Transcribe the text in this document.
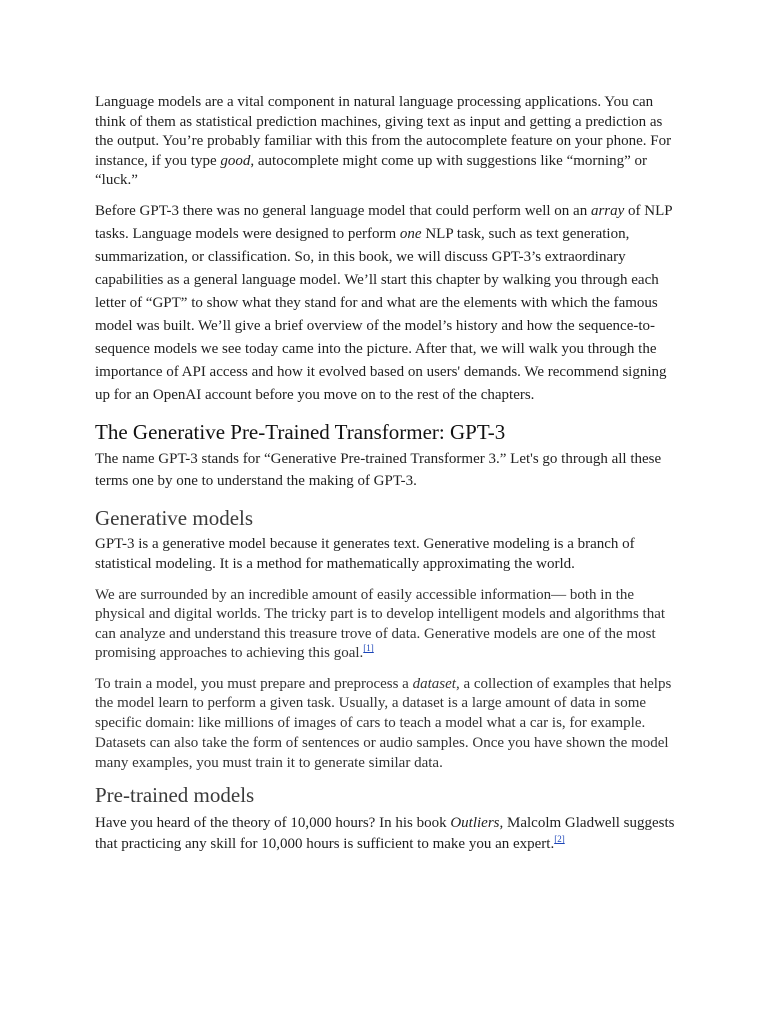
Language models are a vital component in natural language processing applications. You can think of them as statistical prediction machines, giving text as input and getting a prediction as the output. You’re probably familiar with this from the autocomplete feature on your phone. For instance, if you type good, autocomplete might come up with suggestions like “morning” or “luck.”

Before GPT-3 there was no general language model that could perform well on an array of NLP tasks. Language models were designed to perform one NLP task, such as text generation, summarization, or classification. So, in this book, we will discuss GPT-3’s extraordinary capabilities as a general language model. We’ll start this chapter by walking you through each letter of “GPT” to show what they stand for and what are the elements with which the famous model was built. We’ll give a brief overview of the model’s history and how the sequence-to-sequence models we see today came into the picture. After that, we will walk you through the importance of API access and how it evolved based on users' demands. We recommend signing up for an OpenAI account before you move on to the rest of the chapters.

The Generative Pre-Trained Transformer: GPT-3

The name GPT-3 stands for “Generative Pre-trained Transformer 3.” Let's go through all these terms one by one to understand the making of GPT-3.

Generative models

GPT-3 is a generative model because it generates text. Generative modeling is a branch of statistical modeling. It is a method for mathematically approximating the world.

We are surrounded by an incredible amount of easily accessible information— both in the physical and digital worlds. The tricky part is to develop intelligent models and algorithms that can analyze and understand this treasure trove of data. Generative models are one of the most promising approaches to achieving this goal.[1]

To train a model, you must prepare and preprocess a dataset, a collection of examples that helps the model learn to perform a given task. Usually, a dataset is a large amount of data in some specific domain: like millions of images of cars to teach a model what a car is, for example. Datasets can also take the form of sentences or audio samples. Once you have shown the model many examples, you must train it to generate similar data.

Pre-trained models

Have you heard of the theory of 10,000 hours? In his book Outliers, Malcolm Gladwell suggests that practicing any skill for 10,000 hours is sufficient to make you an expert.[2]
